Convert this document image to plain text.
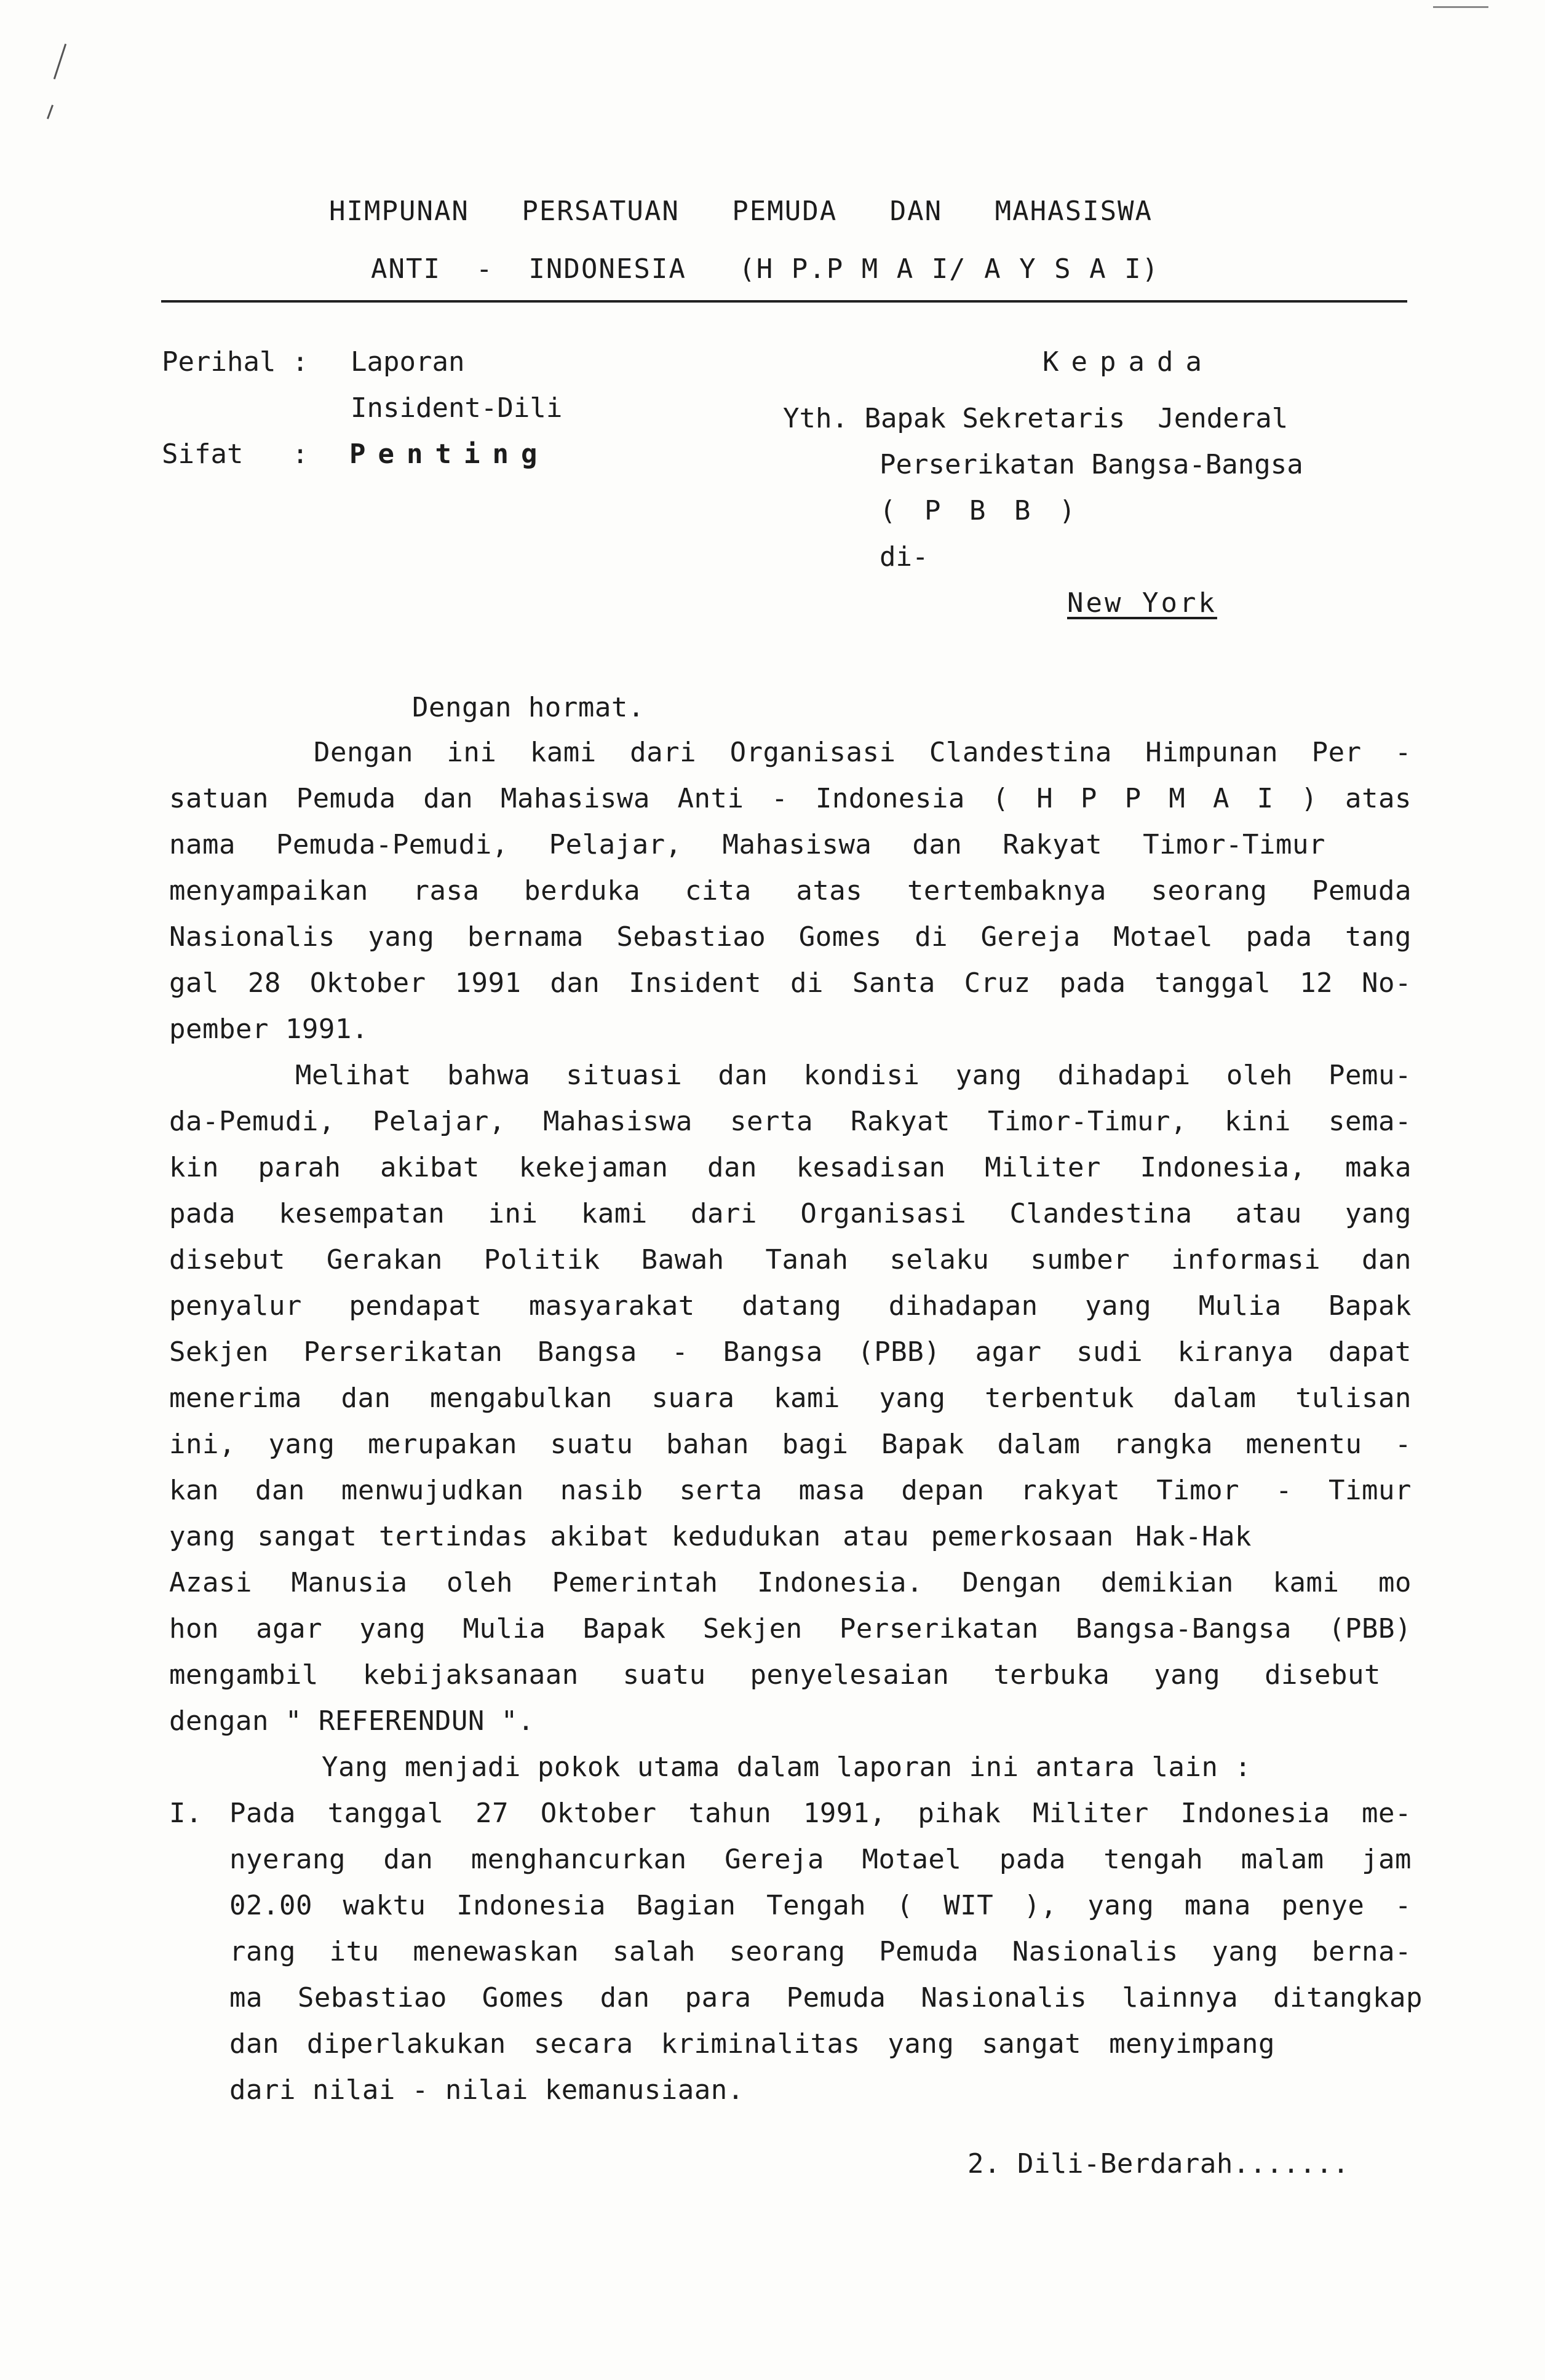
HIMPUNAN   PERSATUAN   PEMUDA   DAN   MAHASISWA
ANTI  -  INDONESIA   (H P.P M A I/ A Y S A I)
Perihal : Laporan
Insident-Dili
Sifat   : Penting
Kepada
Yth. Bapak Sekretaris  Jenderal
Perserikatan Bangsa-Bangsa
( P B B )
di-
New York
Dengan hormat.
Dengan ini kami dari Organisasi Clandestina Himpunan Per -
satuan Pemuda dan Mahasiswa Anti - Indonesia ( H P P M A I ) atas
nama Pemuda-Pemudi, Pelajar, Mahasiswa dan Rakyat Timor-Timur
menyampaikan rasa berduka cita atas tertembaknya seorang Pemuda
Nasionalis yang bernama Sebastiao Gomes di Gereja Motael pada tang
gal 28 Oktober 1991 dan Insident di Santa Cruz pada tanggal 12 No-
pember 1991.
Melihat bahwa situasi dan kondisi yang dihadapi oleh Pemu-
da-Pemudi, Pelajar, Mahasiswa serta Rakyat Timor-Timur, kini sema-
kin parah akibat kekejaman dan kesadisan Militer Indonesia, maka
pada kesempatan ini kami dari Organisasi Clandestina atau yang
disebut Gerakan Politik Bawah Tanah selaku sumber informasi dan
penyalur pendapat masyarakat datang dihadapan yang Mulia Bapak
Sekjen Perserikatan Bangsa - Bangsa (PBB) agar sudi kiranya dapat
menerima dan mengabulkan suara kami yang terbentuk dalam tulisan
ini, yang merupakan suatu bahan bagi Bapak dalam rangka menentu -
kan dan menwujudkan nasib serta masa depan rakyat Timor - Timur
yang sangat tertindas akibat kedudukan atau pemerkosaan Hak-Hak
Azasi Manusia oleh Pemerintah Indonesia. Dengan demikian kami mo
hon agar yang Mulia Bapak Sekjen Perserikatan Bangsa-Bangsa (PBB)
mengambil kebijaksanaan suatu penyelesaian terbuka yang disebut
dengan " REFERENDUN ".
Yang menjadi pokok utama dalam laporan ini antara lain :
I. Pada tanggal 27 Oktober tahun 1991, pihak Militer Indonesia me-
nyerang dan menghancurkan Gereja Motael pada tengah malam jam
02.00 waktu Indonesia Bagian Tengah ( WIT ), yang mana penye -
rang itu menewaskan salah seorang Pemuda Nasionalis yang berna-
ma Sebastiao Gomes dan para Pemuda Nasionalis lainnya ditangkap
dan diperlakukan secara kriminalitas yang sangat menyimpang
dari nilai - nilai kemanusiaan.
2. Dili-Berdarah.......
